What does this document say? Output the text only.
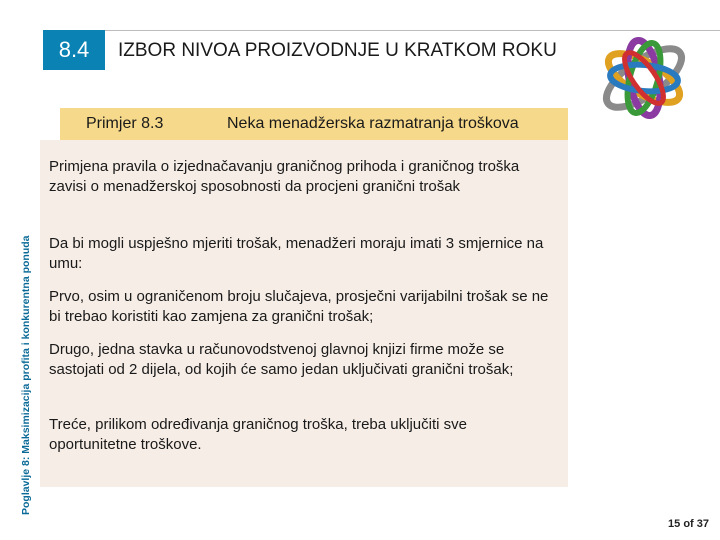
8.4 IZBOR NIVOA PROIZVODNJE U KRATKOM ROKU
Poglavlje 8: Maksimizacija profita i konkurentna ponuda
Primjer 8.3	Neka menadžerska razmatranja troškova
Primjena pravila o izjednačavanju graničnog prihoda i graničnog troška zavisi o menadžerskoj sposobnosti da procjeni granični trošak
Da bi mogli uspješno mjeriti trošak, menadžeri moraju imati 3 smjernice na umu:
Prvo, osim u ograničenom broju slučajeva, prosječni varijabilni trošak se ne bi trebao koristiti kao zamjena za granični trošak;
Drugo, jedna stavka u računovodstvenoj glavnoj knjizi firme može se sastojati od 2 dijela, od kojih će samo jedan uključivati granični trošak;
Treće, prilikom određivanja graničnog troška, treba uključiti sve oportunitetne troškove.
15 of 37
